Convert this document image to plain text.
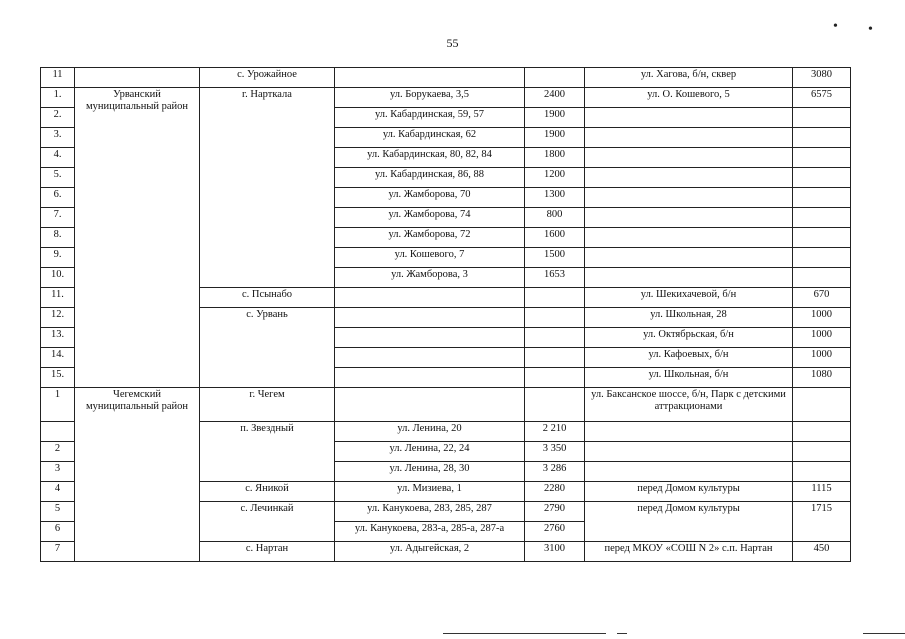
55
• •
11		с. Урожайное			ул. Хагова, б/н, сквер	3080
1.	Урванский муниципальный район	г. Нарткала	ул. Борукаева, 3,5	2400	ул. О. Кошевого, 5	6575
2.			ул. Кабардинская, 59, 57	1900		
3.			ул. Кабардинская, 62	1900		
4.			ул. Кабардинская, 80, 82, 84	1800		
5.			ул. Кабардинская, 86, 88	1200		
6.			ул. Жамборова, 70	1300		
7.			ул. Жамборова, 74	800		
8.			ул. Жамборова, 72	1600		
9.			ул. Кошевого, 7	1500		
10.			ул. Жамборова, 3	1653		
11.		с. Псынабо			ул. Шекихачевой, б/н	670
12.		с. Урвань			ул. Школьная, 28	1000
13.					ул. Октябрьская, б/н	1000
14.					ул. Кафоевых, б/н	1000
15.					ул. Школьная, б/н	1080
1	Чегемский муниципальный район	г. Чегем			ул. Баксанское шоссе, б/н, Парк с детскими аттракционами	
		п. Звездный	ул. Ленина, 20	2 210		
2			ул. Ленина, 22, 24	3 350		
3			ул. Ленина, 28, 30	3 286		
4		с. Яникой	ул. Мизиева, 1	2280	перед Домом культуры	1115
5		с. Лечинкай	ул. Канукоева, 283, 285, 287	2790	перед Домом культуры	1715
6			ул. Канукоева, 283-а, 285-а, 287-а	2760		
7		с. Нартан	ул. Адыгейская, 2	3100	перед МКОУ «СОШ N 2» с.п. Нартан	450
